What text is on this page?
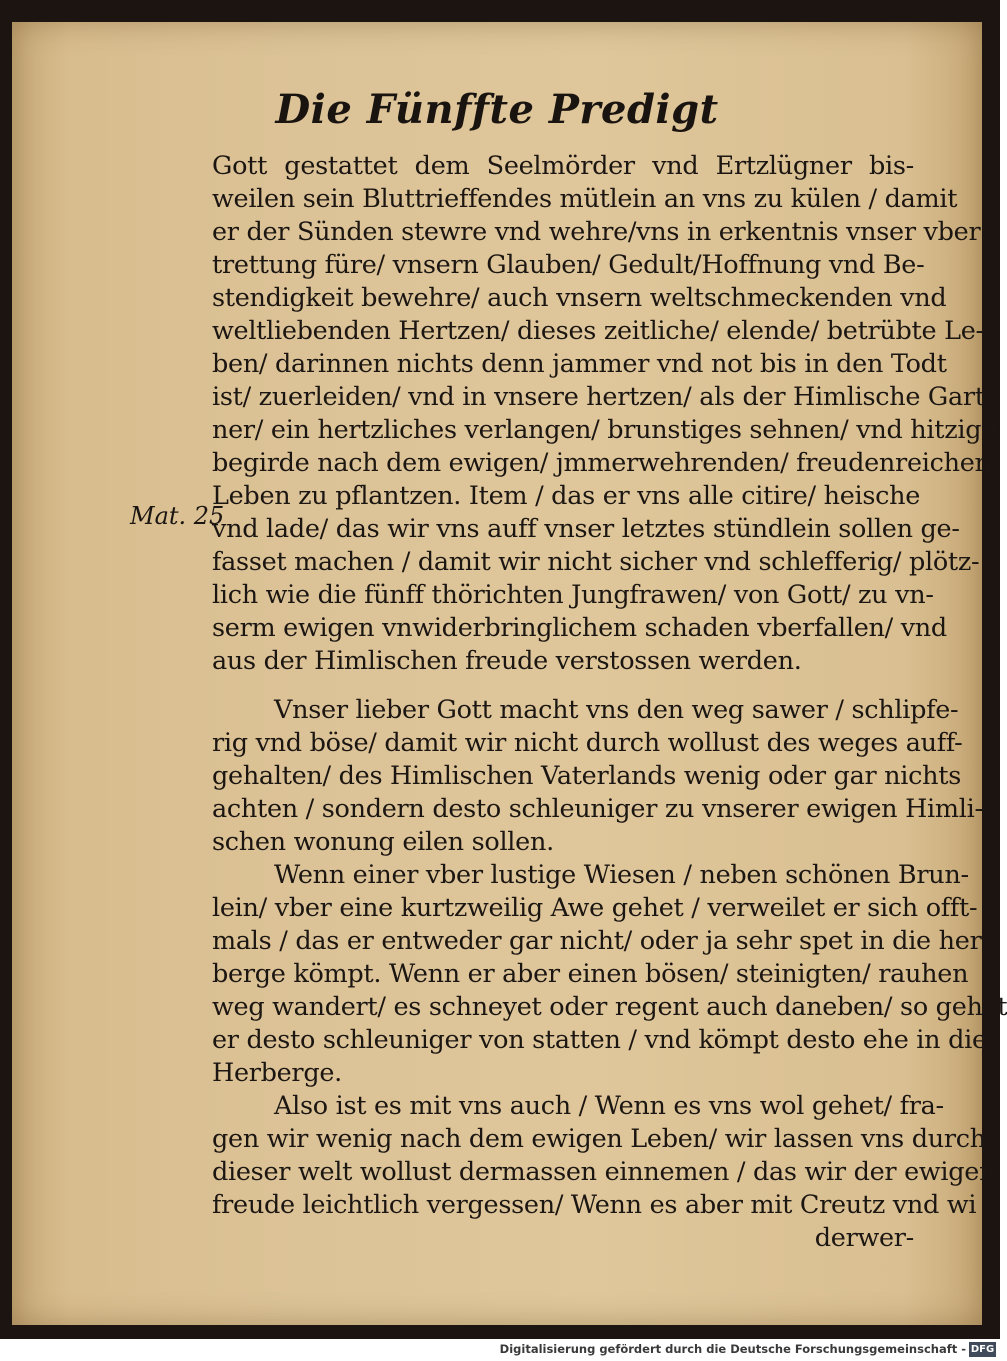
Die Fünffte Predigt
Mat. 25
Gott gestattet dem Seelmörder vnd Ertzlügner bis-
weilen sein Bluttrieffendes mütlein an vns zu külen / damit
er der Sünden stewre vnd wehre/vns in erkentnis vnser vber
trettung füre/ vnsern Glauben/ Gedult/Hoffnung vnd Be-
stendigkeit bewehre/ auch vnsern weltschmeckenden vnd
weltliebenden Hertzen/ dieses zeitliche/ elende/ betrübte Le-
ben/ darinnen nichts denn jammer vnd not bis in den Todt
ist/ zuerleiden/ vnd in vnsere hertzen/ als der Himlische Gart-
ner/ ein hertzliches verlangen/ brunstiges sehnen/ vnd hitzige
begirde nach dem ewigen/ jmmerwehrenden/ freudenreichen
Leben zu pflantzen. Item / das er vns alle citire/ heische
vnd lade/ das wir vns auff vnser letztes stündlein sollen ge-
fasset machen / damit wir nicht sicher vnd schlefferig/ plötz-
lich wie die fünff thörichten Jungfrawen/ von Gott/ zu vn-
serm ewigen vnwiderbringlichem schaden vberfallen/ vnd
aus der Himlischen freude verstossen werden.
Vnser lieber Gott macht vns den weg sawer / schlipfe-
rig vnd böse/ damit wir nicht durch wollust des weges auff-
gehalten/ des Himlischen Vaterlands wenig oder gar nichts
achten / sondern desto schleuniger zu vnserer ewigen Himli-
schen wonung eilen sollen.
Wenn einer vber lustige Wiesen / neben schönen Brun-
lein/ vber eine kurtzweilig Awe gehet / verweilet er sich offt-
mals / das er entweder gar nicht/ oder ja sehr spet in die her-
berge kömpt. Wenn er aber einen bösen/ steinigten/ rauhen
weg wandert/ es schneyet oder regent auch daneben/ so gehet
er desto schleuniger von statten / vnd kömpt desto ehe in die
Herberge.
Also ist es mit vns auch / Wenn es vns wol gehet/ fra-
gen wir wenig nach dem ewigen Leben/ wir lassen vns durch
dieser welt wollust dermassen einnemen / das wir der ewigen
freude leichtlich vergessen/ Wenn es aber mit Creutz vnd wi
derwer-
Digitalisierung gefördert durch die Deutsche Forschungsgemeinschaft - DFG
